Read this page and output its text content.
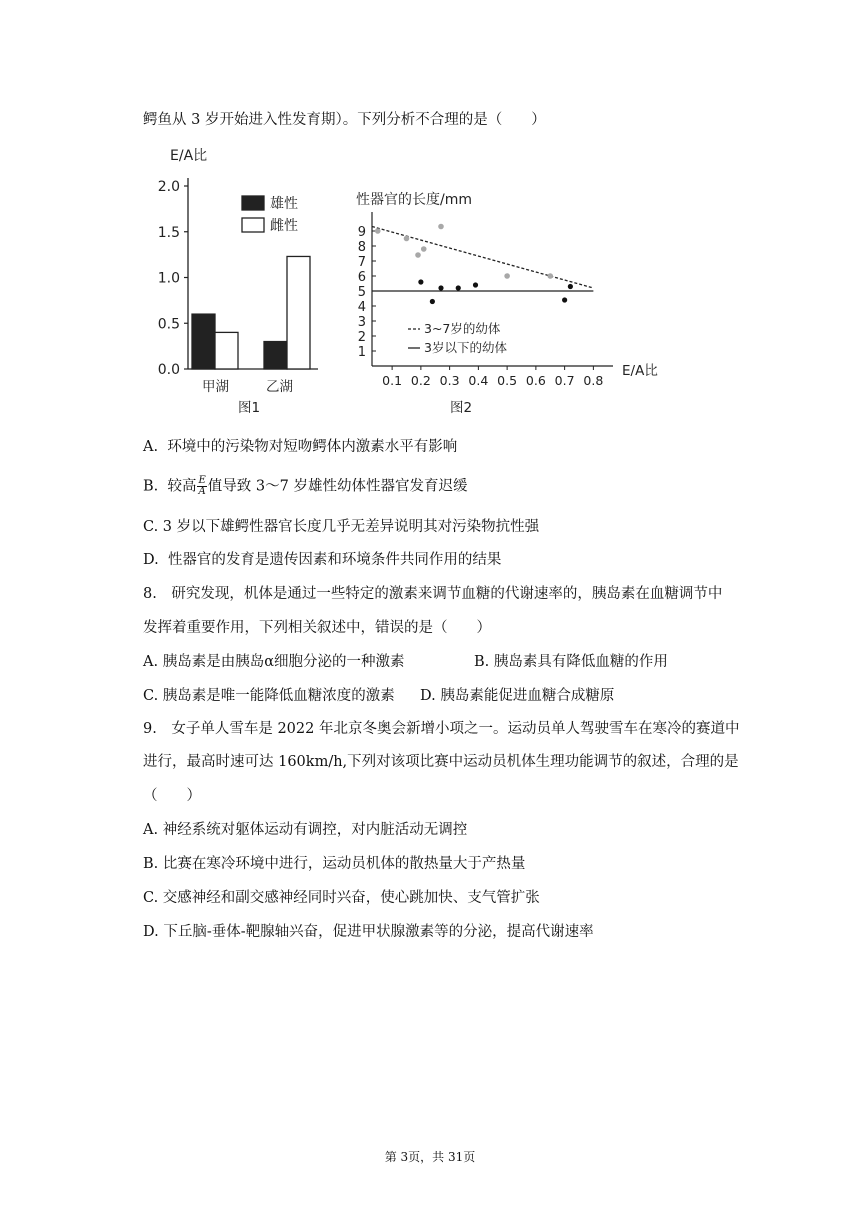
鳄鱼从 3 岁开始进入性发育期）。下列分析不合理的是（　　）
E/A比
2.0
1.5
1.0
0.5
0.0
雄性
雌性
甲湖	乙湖
图1
性器官的长度/mm
9
8
7
6
5
4
3
2
1
0.1 0.2 0.3 0.4 0.5 0.6 0.7 0.8
3~7岁的幼体
3岁以下的幼体
E/A比
图2
A. 环境中的污染物对短吻鳄体内激素水平有影响
B. 较高 $\frac{E}{A}$ 值导致 3～7 岁雄性幼体性器官发育迟缓
C. 3 岁以下雄鳄性器官长度几乎无差异说明其对污染物抗性强
D. 性器官的发育是遗传因素和环境条件共同作用的结果
8.　研究发现，机体是通过一些特定的激素来调节血糖的代谢速率的，胰岛素在血糖调节中
发挥着重要作用，下列相关叙述中，错误的是（　　）
A. 胰岛素是由胰岛α细胞分泌的一种激素	B. 胰岛素具有降低血糖的作用
C. 胰岛素是唯一能降低血糖浓度的激素 D. 胰岛素能促进血糖合成糖原
9.　女子单人雪车是 2022 年北京冬奥会新增小项之一。运动员单人驾驶雪车在寒冷的赛道中
进行，最高时速可达 160km/h,下列对该项比赛中运动员机体生理功能调节的叙述，合理的是
（　　）
A. 神经系统对躯体运动有调控，对内脏活动无调控
B. 比赛在寒冷环境中进行，运动员机体的散热量大于产热量
C. 交感神经和副交感神经同时兴奋，使心跳加快、支气管扩张
D. 下丘脑-垂体-靶腺轴兴奋，促进甲状腺激素等的分泌，提高代谢速率
第 3页，共 31页
